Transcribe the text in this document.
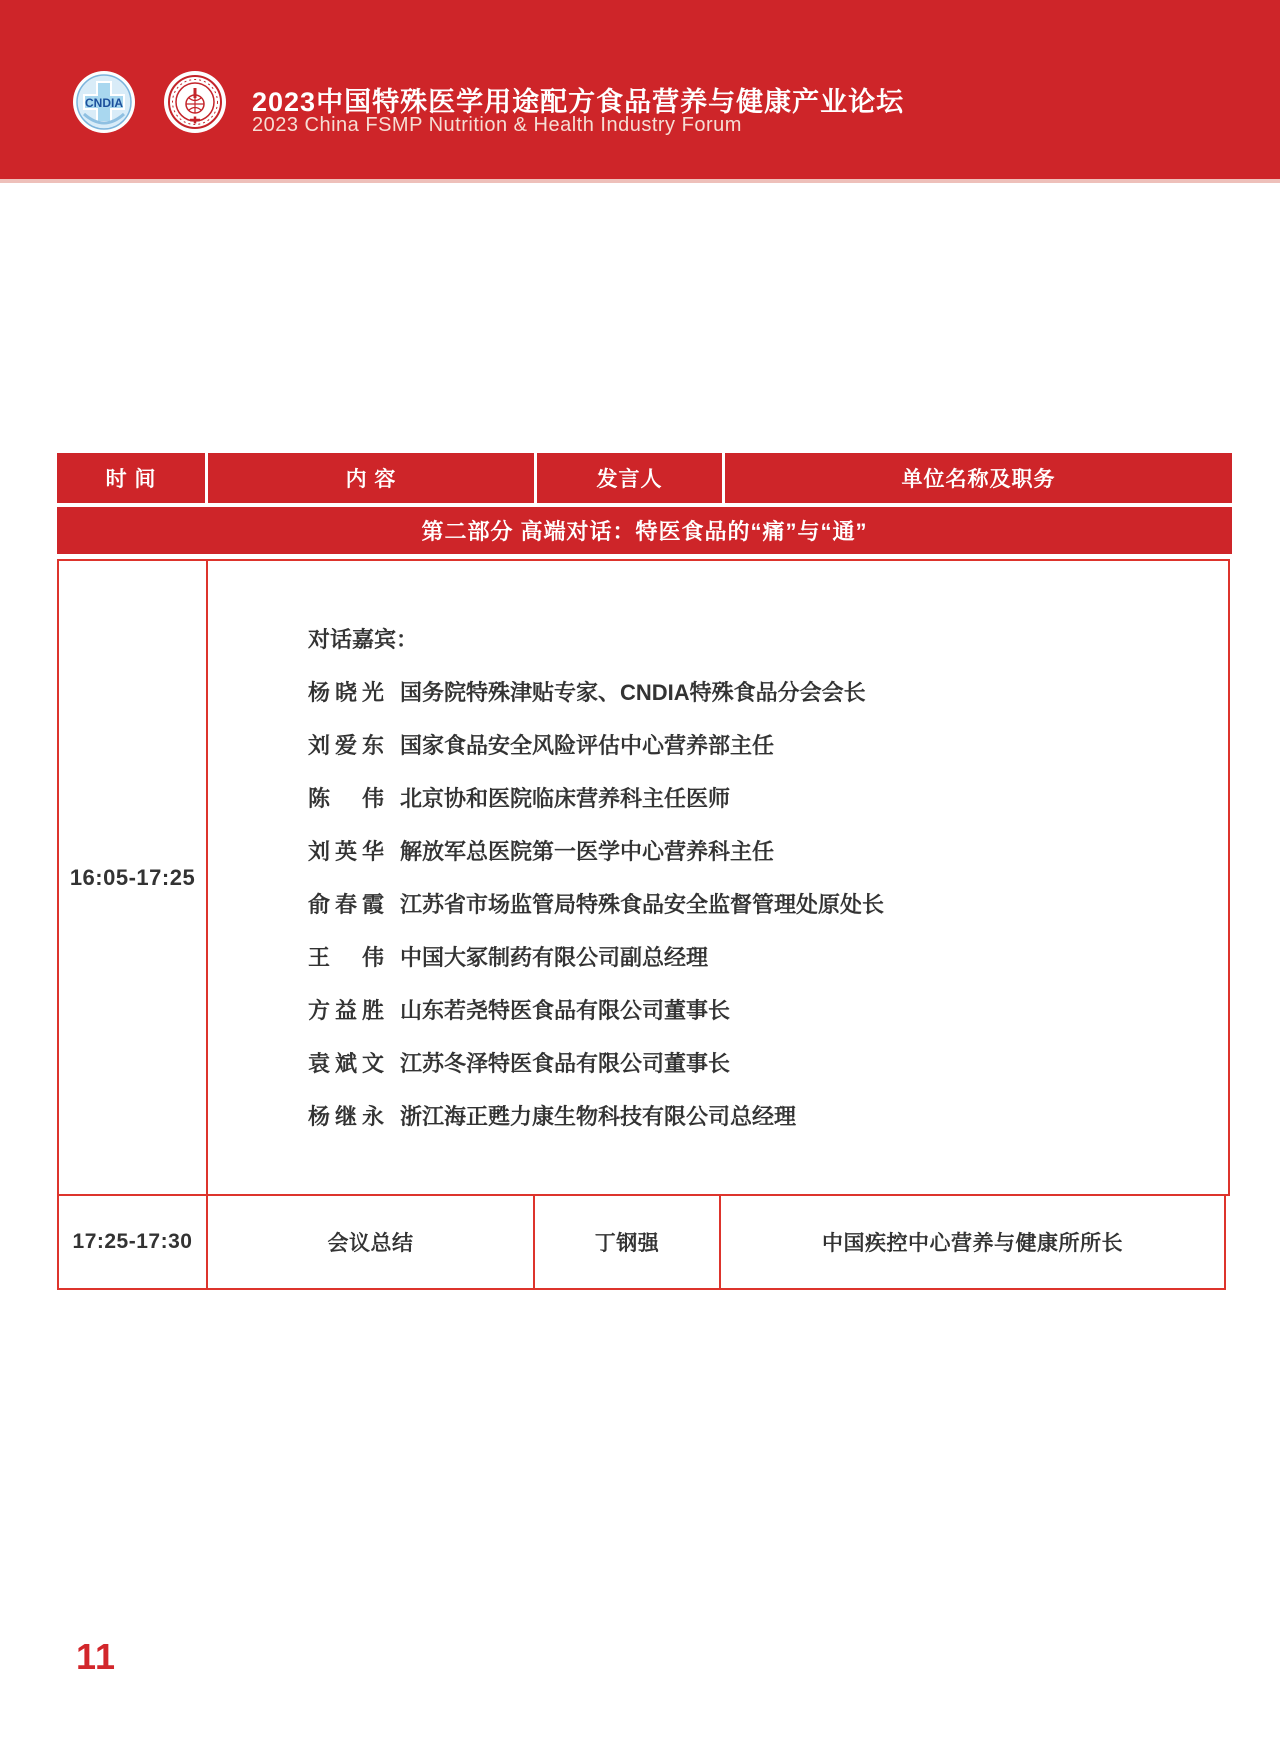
CNDIA	2023中国特殊医学用途配方食品营养与健康产业论坛
2023 China FSMP Nutrition & Health Industry Forum
时 间	内 容	发言人	单位名称及职务
第二部分 高端对话：特医食品的“痛”与“通”
16:05-17:25
对话嘉宾：
杨晓光 国务院特殊津贴专家、CNDIA特殊食品分会会长
刘爱东 国家食品安全风险评估中心营养部主任
陈 伟 北京协和医院临床营养科主任医师
刘英华 解放军总医院第一医学中心营养科主任
俞春霞 江苏省市场监管局特殊食品安全监督管理处原处长
王 伟 中国大冢制药有限公司副总经理
方益胜 山东若尧特医食品有限公司董事长
袁斌文 江苏冬泽特医食品有限公司董事长
杨继永 浙江海正甦力康生物科技有限公司总经理
17:25-17:30	会议总结	丁钢强	中国疾控中心营养与健康所所长
11
